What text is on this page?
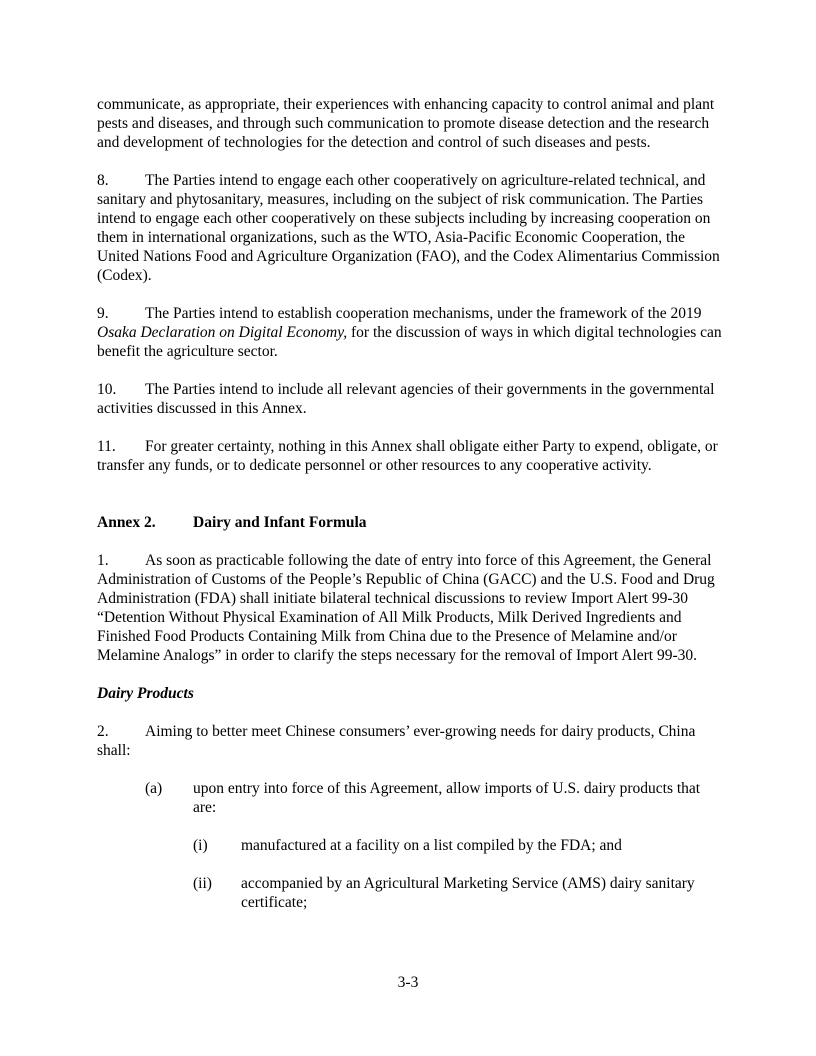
communicate, as appropriate, their experiences with enhancing capacity to control animal and plant pests and diseases, and through such communication to promote disease detection and the research and development of technologies for the detection and control of such diseases and pests.

8. The Parties intend to engage each other cooperatively on agriculture-related technical, and sanitary and phytosanitary, measures, including on the subject of risk communication. The Parties intend to engage each other cooperatively on these subjects including by increasing cooperation on them in international organizations, such as the WTO, Asia-Pacific Economic Cooperation, the United Nations Food and Agriculture Organization (FAO), and the Codex Alimentarius Commission (Codex).

9. The Parties intend to establish cooperation mechanisms, under the framework of the 2019 Osaka Declaration on Digital Economy, for the discussion of ways in which digital technologies can benefit the agriculture sector.

10. The Parties intend to include all relevant agencies of their governments in the governmental activities discussed in this Annex.

11. For greater certainty, nothing in this Annex shall obligate either Party to expend, obligate, or transfer any funds, or to dedicate personnel or other resources to any cooperative activity.

Annex 2. Dairy and Infant Formula

1. As soon as practicable following the date of entry into force of this Agreement, the General Administration of Customs of the People’s Republic of China (GACC) and the U.S. Food and Drug Administration (FDA) shall initiate bilateral technical discussions to review Import Alert 99-30 “Detention Without Physical Examination of All Milk Products, Milk Derived Ingredients and Finished Food Products Containing Milk from China due to the Presence of Melamine and/or Melamine Analogs” in order to clarify the steps necessary for the removal of Import Alert 99-30.

Dairy Products

2. Aiming to better meet Chinese consumers’ ever-growing needs for dairy products, China shall:

(a)	upon entry into force of this Agreement, allow imports of U.S. dairy products that are:
(i)	manufactured at a facility on a list compiled by the FDA; and
(ii)	accompanied by an Agricultural Marketing Service (AMS) dairy sanitary certificate;
3-3
